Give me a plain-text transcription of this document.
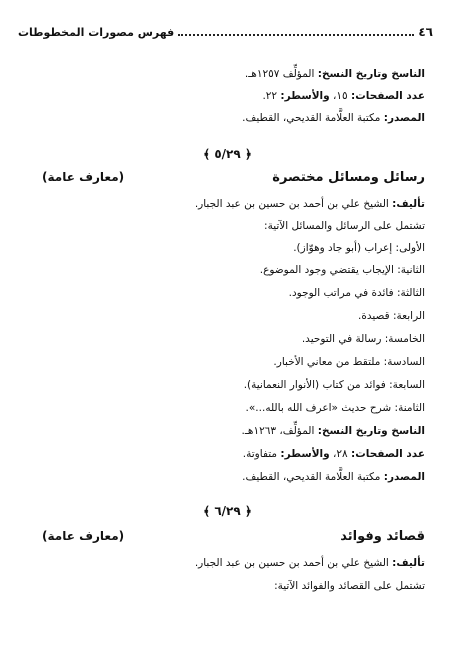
٤٦
فهرس مصورات المخطوطات
الناسخ وتاريخ النسخ: المؤلِّف ١٢٥٧هـ.
عدد الصفحات: ١٥، والأسطر: ٢٢.
المصدر: مكتبة العلَّامة القديحي، القطيف.
﴿ ٥/٢٩ ﴾
رسائل ومسائل مختصرة
(معارف عامة)
تأليف: الشيخ علي بن أحمد بن حسين بن عبد الجبار.
تشتمل على الرسائل والمسائل الآتية:
الأولى: إعراب (أبو جاد وهوّاز).
الثانية: الإيجاب يقتضي وجود الموضوع.
الثالثة: فائدة في مراتب الوجود.
الرابعة: قصيدة.
الخامسة: رسالة في التوحيد.
السادسة: ملتقط من معاني الأخبار.
السابعة: فوائد من كتاب (الأنوار النعمانية).
الثامنة: شرح حديث «اعرف الله بالله...».
الناسخ وتاريخ النسخ: المؤلِّف، ١٢٦٣هـ.
عدد الصفحات: ٢٨، والأسطر: متفاوتة.
المصدر: مكتبة العلَّامة القديحي، القطيف.
﴿ ٦/٢٩ ﴾
قصائد وفوائد
(معارف عامة)
تأليف: الشيخ علي بن أحمد بن حسين بن عبد الجبار.
تشتمل على القصائد والفوائد الآتية:
